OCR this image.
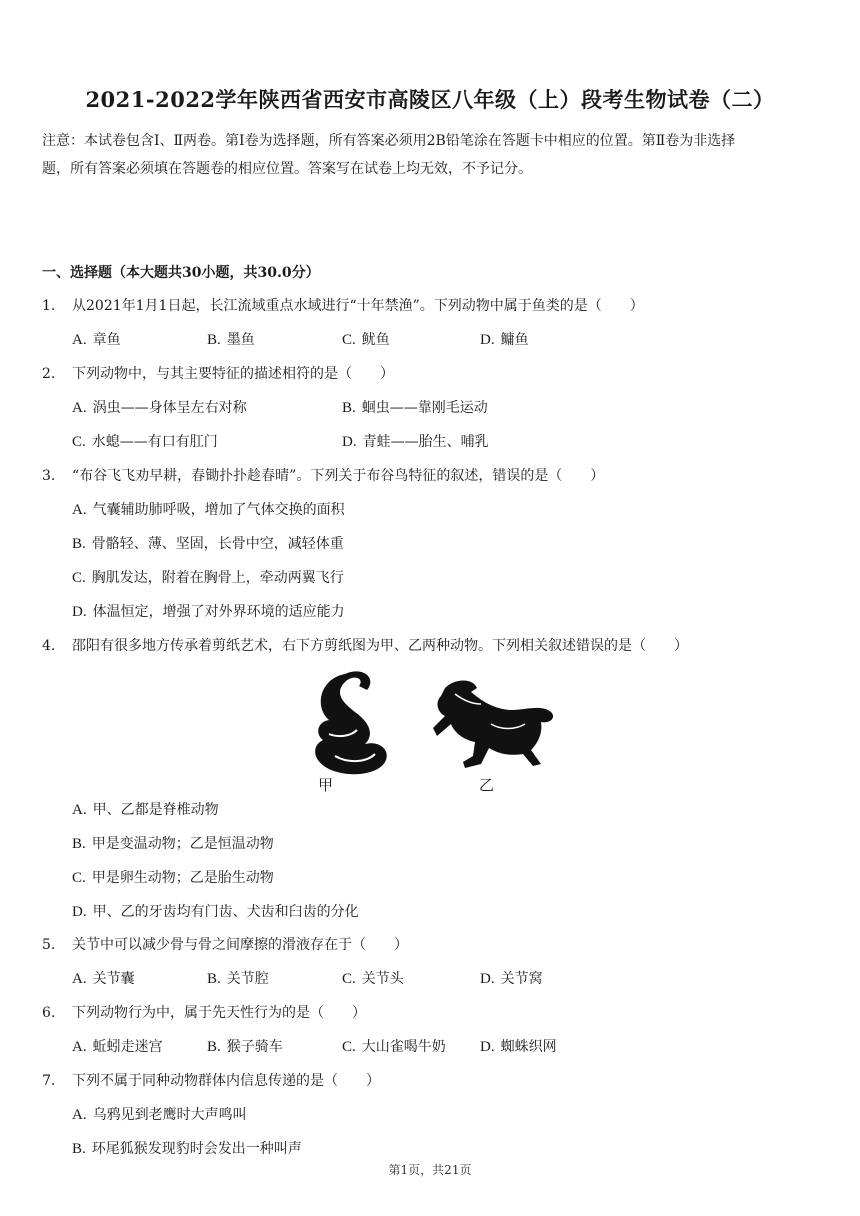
2021-2022学年陕西省西安市高陵区八年级（上）段考生物试卷（二）
注意：本试卷包含Ⅰ、Ⅱ两卷。第Ⅰ卷为选择题，所有答案必须用2B铅笔涂在答题卡中相应的位置。第Ⅱ卷为非选择
题，所有答案必须填在答题卷的相应位置。答案写在试卷上均无效，不予记分。
一、选择题（本大题共30小题，共30.0分）
1. 从2021年1月1日起，长江流域重点水域进行“十年禁渔”。下列动物中属于鱼类的是（　　）
A. 章鱼	B. 墨鱼	C. 鱿鱼	D. 鳙鱼
2. 下列动物中，与其主要特征的描述相符的是（　　）
A. 涡虫——身体呈左右对称	B. 蛔虫——靠刚毛运动
C. 水螅——有口有肛门	D. 青蛙——胎生、哺乳
3. “布谷飞飞劝早耕，春锄扑扑趁春晴”。下列关于布谷鸟特征的叙述，错误的是（　　）
A. 气囊辅助肺呼吸，增加了气体交换的面积
B. 骨骼轻、薄、坚固，长骨中空，减轻体重
C. 胸肌发达，附着在胸骨上，牵动两翼飞行
D. 体温恒定，增强了对外界环境的适应能力
4. 邵阳有很多地方传承着剪纸艺术，右下方剪纸图为甲、乙两种动物。下列相关叙述错误的是（　　）
甲	乙
A. 甲、乙都是脊椎动物
B. 甲是变温动物；乙是恒温动物
C. 甲是卵生动物；乙是胎生动物
D. 甲、乙的牙齿均有门齿、犬齿和臼齿的分化
5. 关节中可以减少骨与骨之间摩擦的滑液存在于（　　）
A. 关节囊	B. 关节腔	C. 关节头	D. 关节窝
6. 下列动物行为中，属于先天性行为的是（　　）
A. 蚯蚓走迷宫	B. 猴子骑车	C. 大山雀喝牛奶 D. 蜘蛛织网
7. 下列不属于同种动物群体内信息传递的是（　　）
A. 乌鸦见到老鹰时大声鸣叫
B. 环尾狐猴发现豹时会发出一种叫声
第1页，共21页
